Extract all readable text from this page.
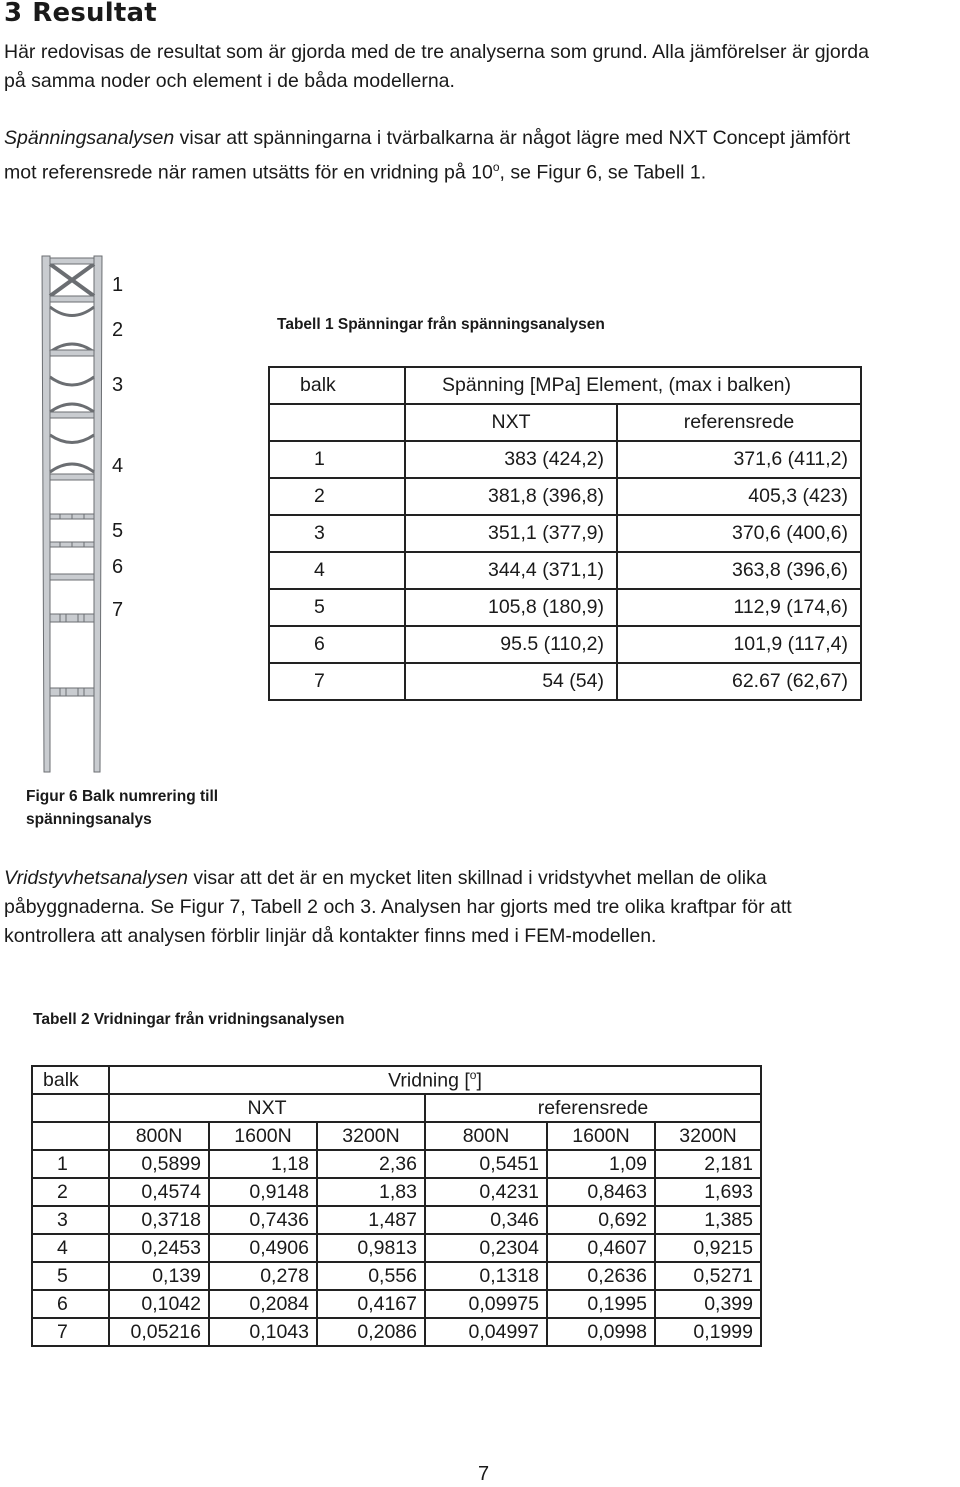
3 Resultat
Här redovisas de resultat som är gjorda med de tre analyserna som grund. Alla jämförelser är gjorda
på samma noder och element i de båda modellerna.
Spänningsanalysen visar att spänningarna i tvärbalkarna är något lägre med NXT Concept jämfört
mot referensrede när ramen utsätts för en vridning på 10$^o$, se Figur 6, se Tabell 1.
1
2
3
4
5
6
7
Figur 6 Balk numrering till
spänningsanalys
Tabell 1 Spänningar från spänningsanalysen
balk	Spänning [MPa] Element, (max i balken)	
	NXT	referensrede
1	383 (424,2)	371,6 (411,2)
2	381,8 (396,8)	405,3 (423)
3	351,1 (377,9)	370,6 (400,6)
4	344,4 (371,1)	363,8 (396,6)
5	105,8 (180,9)	112,9 (174,6)
6	95.5 (110,2)	101,9 (117,4)
7	54 (54)	62.67 (62,67)
Vridstyvhetsanalysen visar att det är en mycket liten skillnad i vridstyvhet mellan de olika
påbyggnaderna. Se Figur 7, Tabell 2 och 3. Analysen har gjorts med tre olika kraftpar för att
kontrollera att analysen förblir linjär då kontakter finns med i FEM-modellen.
Tabell 2 Vridningar från vridningsanalysen
balk	Vridning [$^o$]					
	NXT			referensrede		
	800N	1600N	3200N	800N	1600N	3200N
1	0,5899	1,18	2,36	0,5451	1,09	2,181
2	0,4574	0,9148	1,83	0,4231	0,8463	1,693
3	0,3718	0,7436	1,487	0,346	0,692	1,385
4	0,2453	0,4906	0,9813	0,2304	0,4607	0,9215
5	0,139	0,278	0,556	0,1318	0,2636	0,5271
6	0,1042	0,2084	0,4167	0,09975	0,1995	0,399
7	0,05216	0,1043	0,2086	0,04997	0,0998	0,1999
7
